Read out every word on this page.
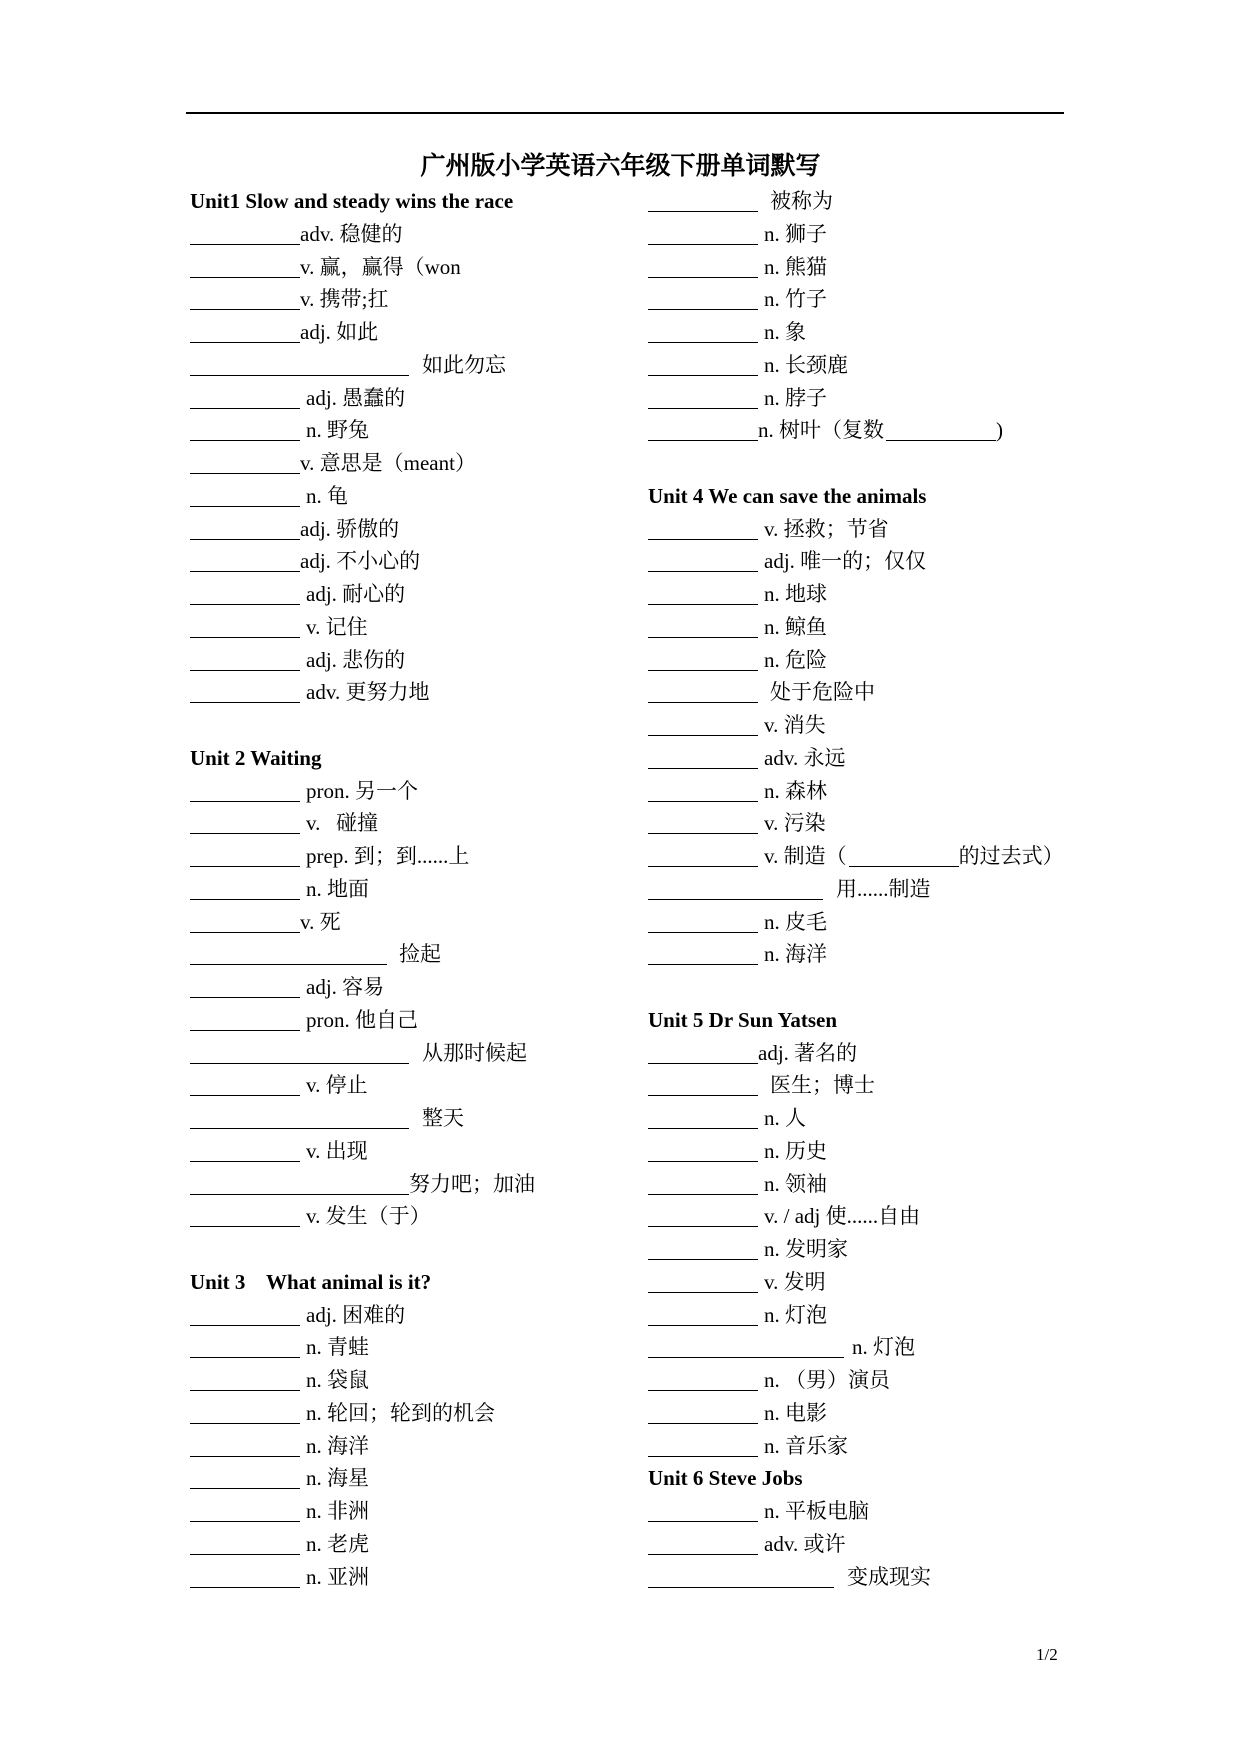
广州版小学英语六年级下册单词默写
Unit1 Slow and steady wins the race
adv. 稳健的
v. 赢，赢得（won
v. 携带;扛
adj. 如此
如此勿忘
adj. 愚蠢的
n. 野兔
v. 意思是（meant）
n. 龟
adj. 骄傲的
adj. 不小心的
adj. 耐心的
v. 记住
adj. 悲伤的
adv. 更努力地
Unit 2 Waiting
pron. 另一个
v.   碰撞
prep. 到；到......上
n. 地面
v. 死
捡起
adj. 容易
pron. 他自己
从那时候起
v. 停止
整天
v. 出现
努力吧；加油
v. 发生（于）
Unit 3    What animal is it?
adj. 困难的
n. 青蛙
n. 袋鼠
n. 轮回；轮到的机会
n. 海洋
n. 海星
n. 非洲
n. 老虎
n. 亚洲
被称为
n. 狮子
n. 熊猫
n. 竹子
n. 象
n. 长颈鹿
n. 脖子
n. 树叶（复数	)
Unit 4 We can save the animals
v. 拯救；节省
adj. 唯一的；仅仅
n. 地球
n. 鲸鱼
n. 危险
处于危险中
v. 消失
adv. 永远
n. 森林
v. 污染
v. 制造（	的过去式）
用......制造
n. 皮毛
n. 海洋
Unit 5 Dr Sun Yatsen
adj. 著名的
医生；博士
n. 人
n. 历史
n. 领袖
v. / adj 使......自由
n. 发明家
v. 发明
n. 灯泡
n. 灯泡
n. （男）演员
n. 电影
n. 音乐家
Unit 6 Steve Jobs
n. 平板电脑
adv. 或许
变成现实
1/2
